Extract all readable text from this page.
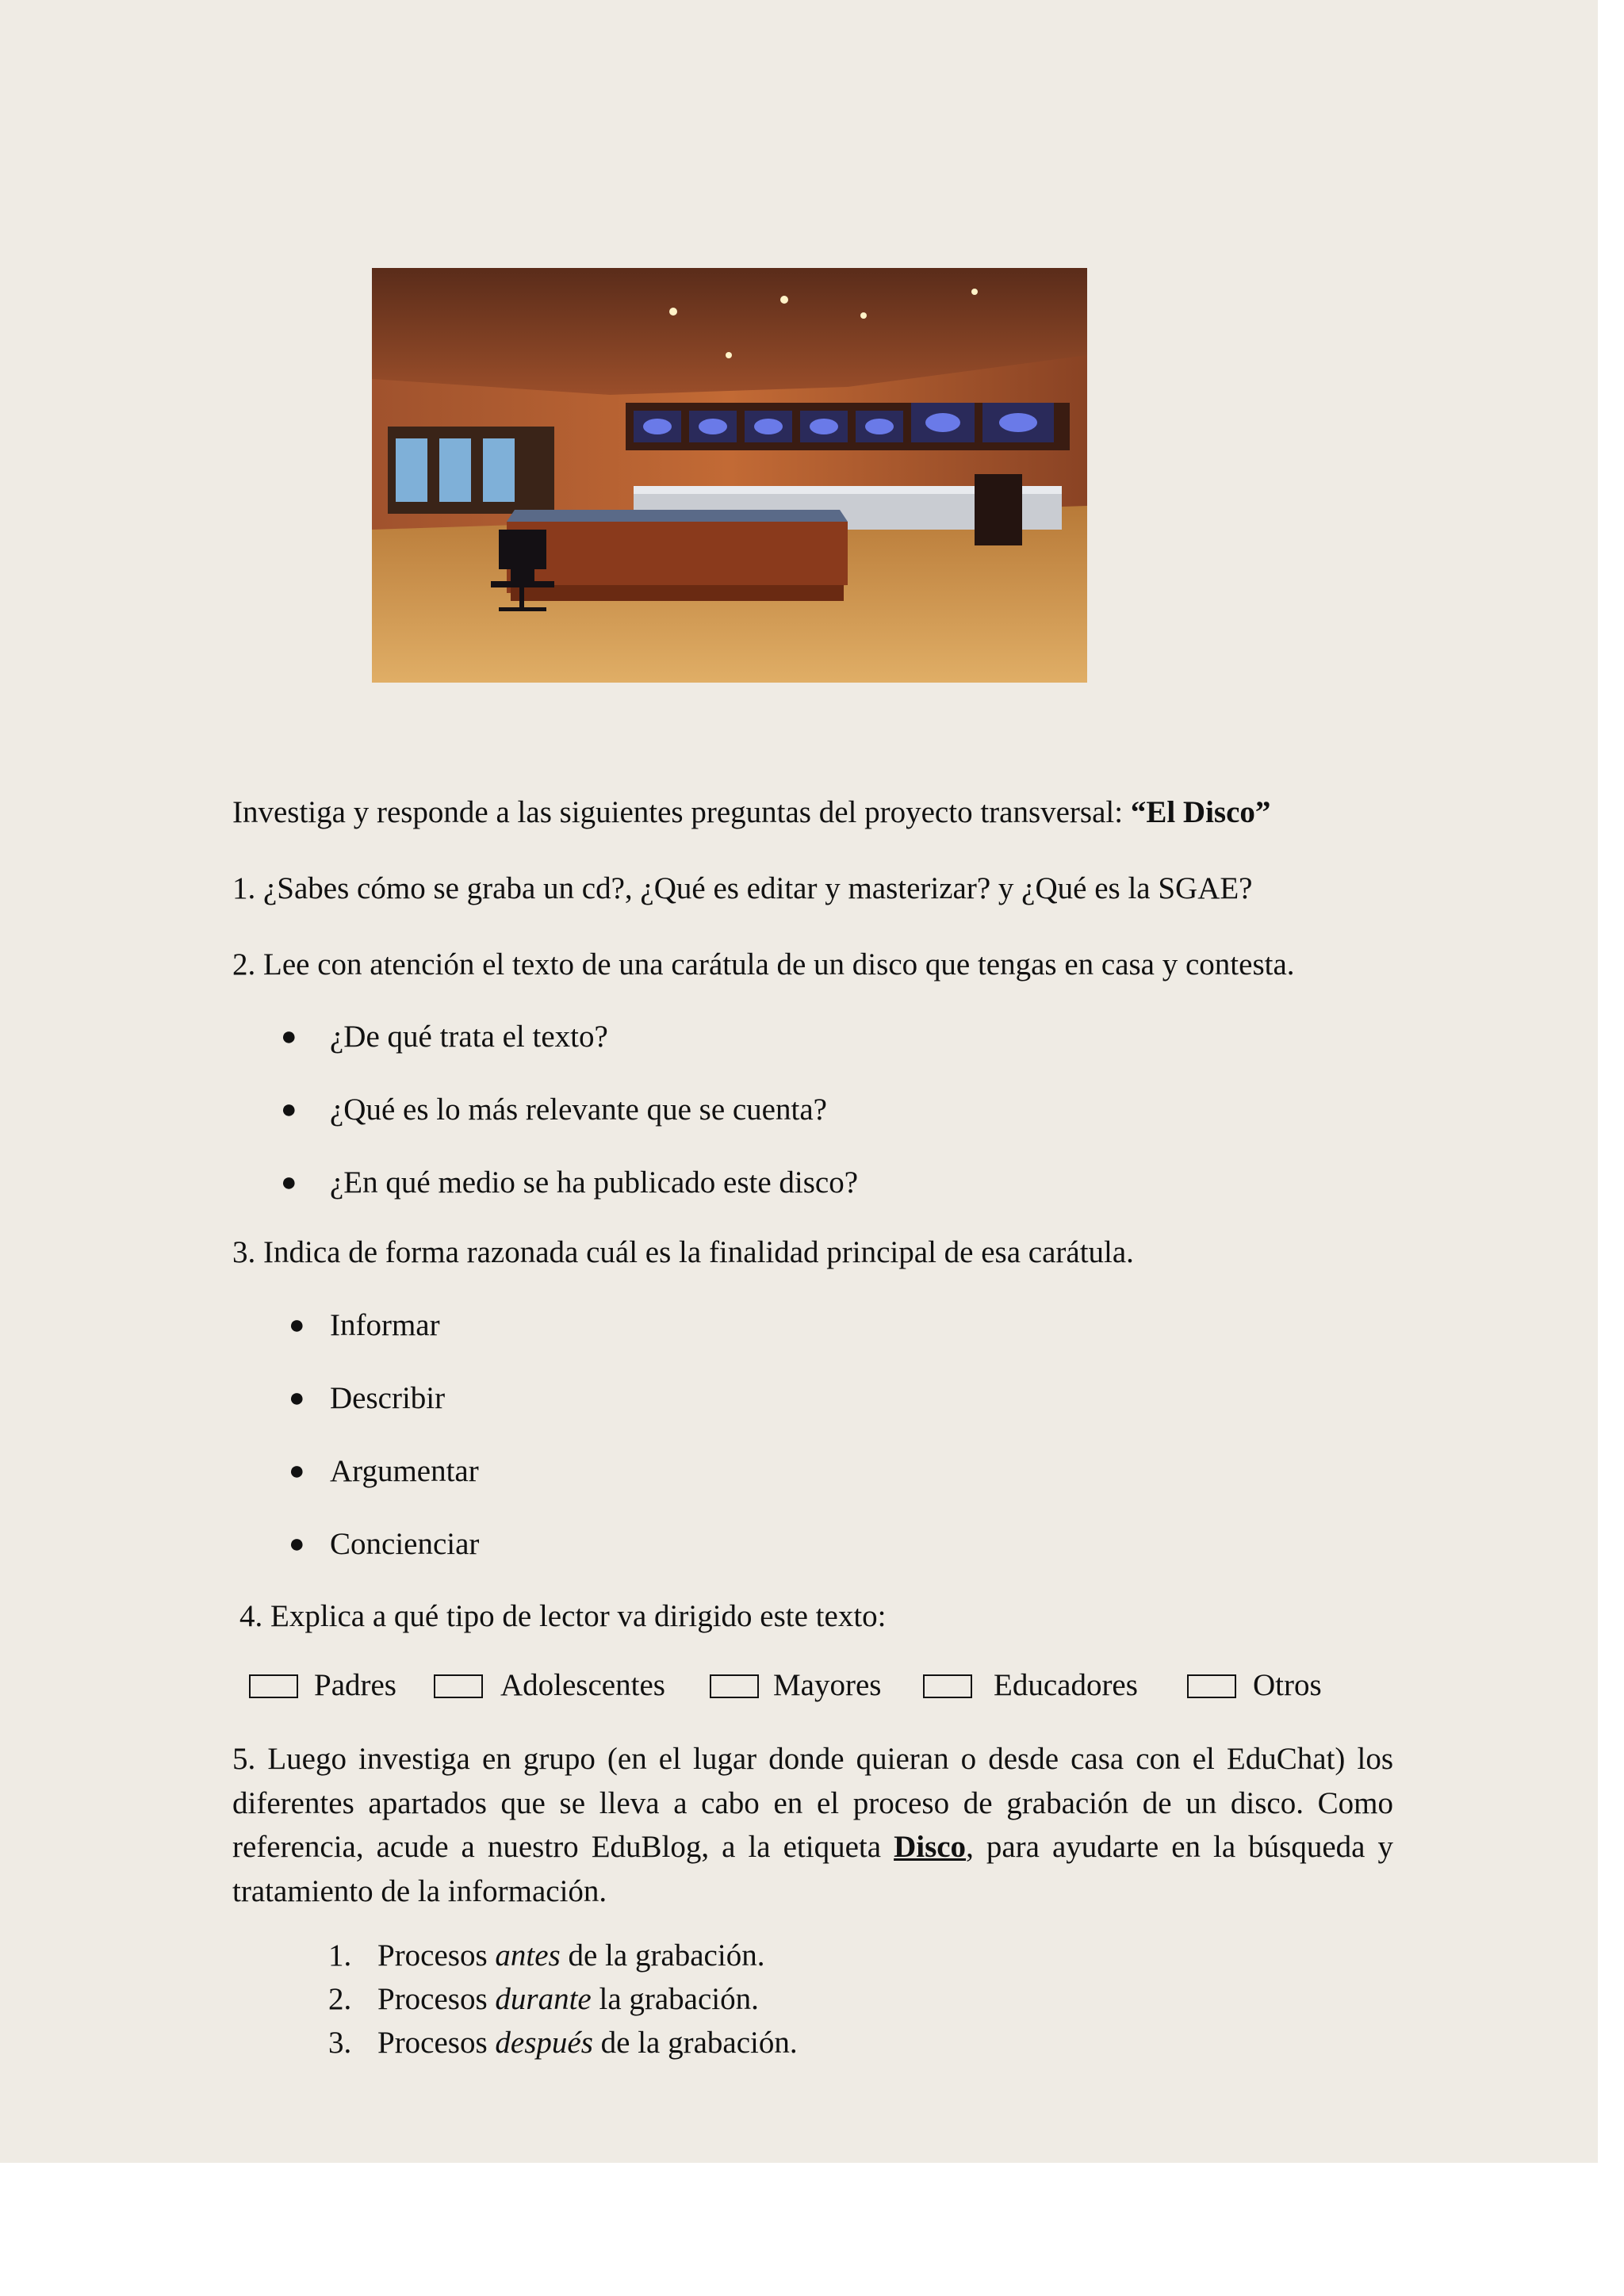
Investiga y responde a las siguientes preguntas del proyecto transversal: “El Disco”

1. ¿Sabes cómo se graba un cd?, ¿Qué es editar y masterizar? y ¿Qué es la SGAE?

2. Lee con atención el texto de una carátula de un disco que tengas en casa y contesta.

● ¿De qué trata el texto?

● ¿Qué es lo más relevante que se cuenta?

● ¿En qué medio se ha publicado este disco?

3. Indica de forma razonada cuál es la finalidad principal de esa carátula.

● Informar

● Describir

● Argumentar

● Concienciar

4. Explica a qué tipo de lector va dirigido este texto:

Padres	Adolescentes	Mayores	Educadores	Otros

5. Luego investiga en grupo (en el lugar donde quieran o desde casa con el EduChat) los diferentes apartados que se lleva a cabo en el proceso de grabación de un disco. Como referencia, acude a nuestro EduBlog, a la etiqueta Disco, para ayudarte en la búsqueda y tratamiento de la información.

1. Procesos antes de la grabación.

2. Procesos durante la grabación.

3. Procesos después de la grabación.
